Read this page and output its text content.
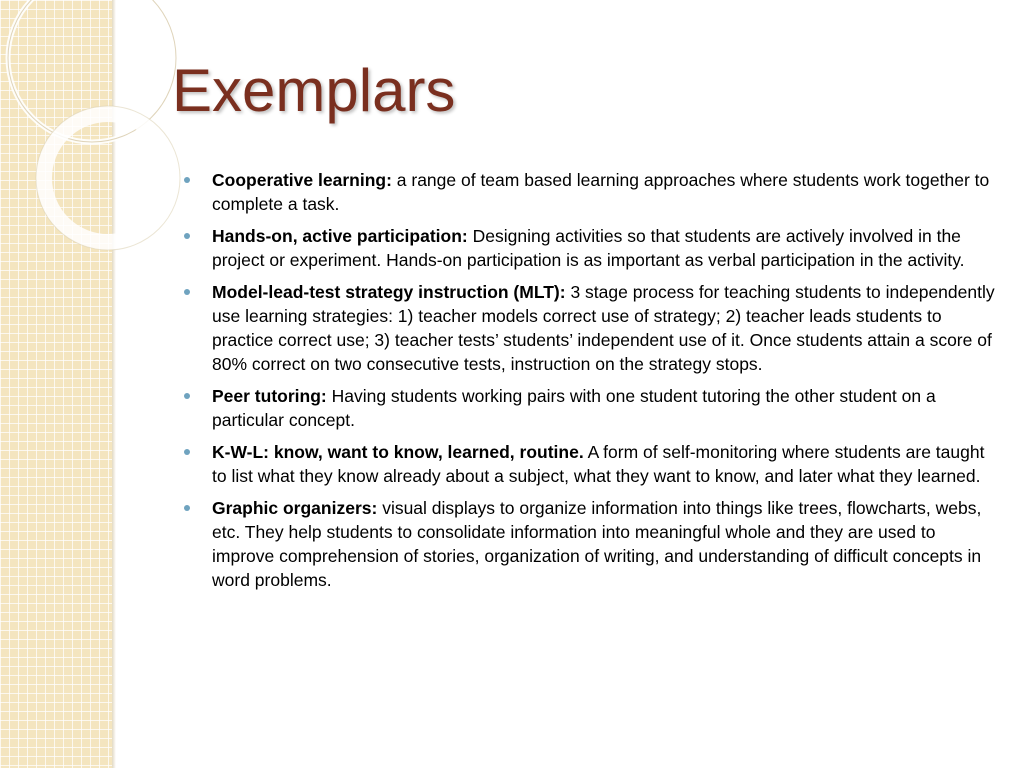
Exemplars
Cooperative learning: a range of team based learning approaches where students work together to complete a task.
Hands-on, active participation: Designing activities so that students are actively involved in the project or experiment. Hands-on participation is as important as verbal participation in the activity.
Model-lead-test strategy instruction (MLT): 3 stage process for teaching students to independently use learning strategies: 1) teacher models correct use of strategy; 2) teacher leads students to practice correct use; 3) teacher tests’ students’ independent use of it. Once students attain a score of 80% correct on two consecutive tests, instruction on the strategy stops.
Peer tutoring: Having students working pairs with one student tutoring the other student on a particular concept.
K-W-L: know, want to know, learned, routine. A form of self-monitoring where students are taught to list what they know already about a subject, what they want to know, and later what they learned.
Graphic organizers: visual displays to organize information into things like trees, flowcharts, webs, etc. They help students to consolidate information into meaningful whole and they are used to improve comprehension of stories, organization of writing, and understanding of difficult concepts in word problems.
